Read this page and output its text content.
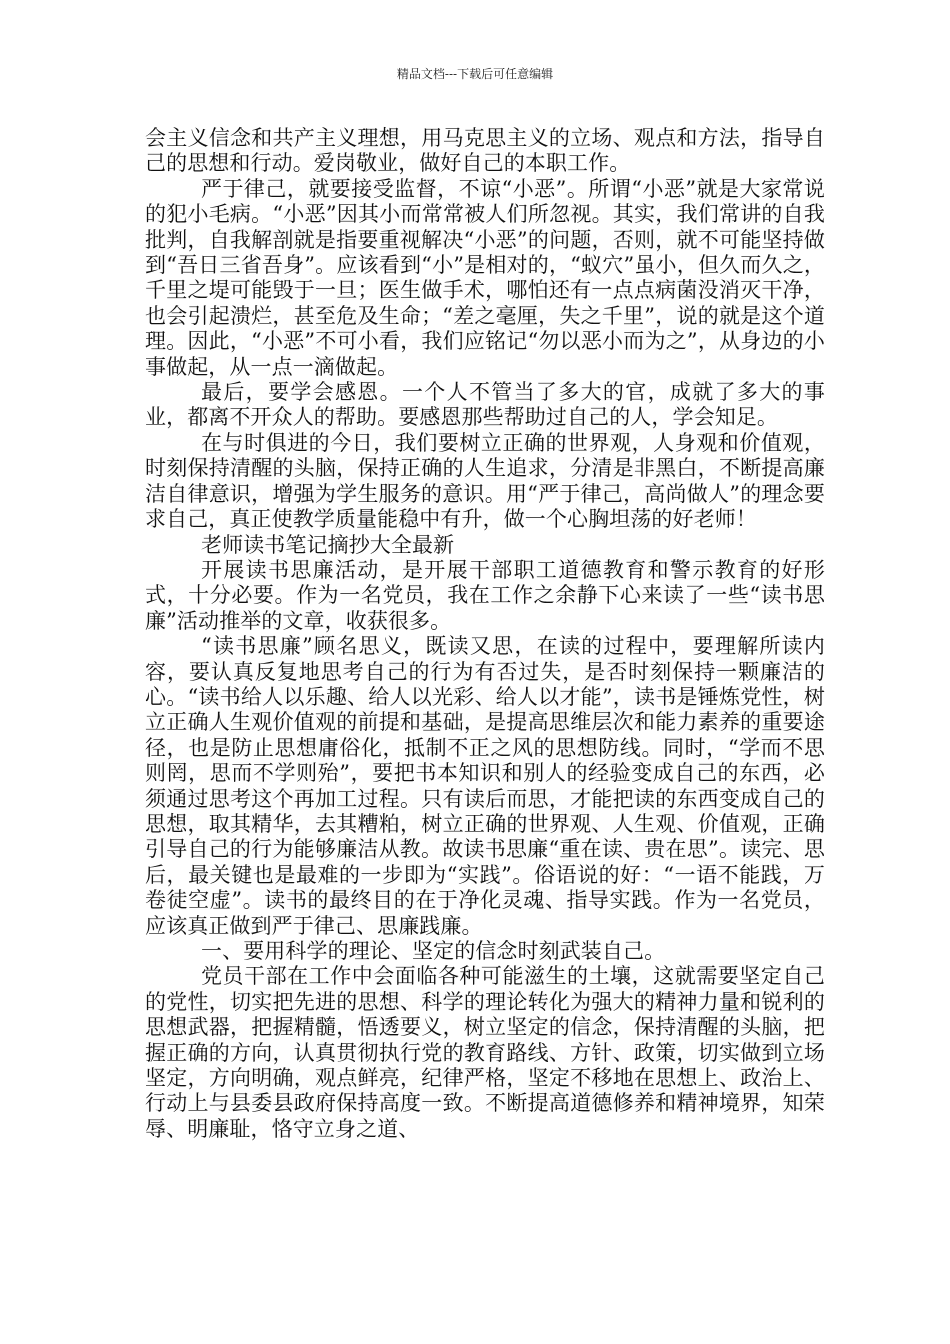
精品文档---下载后可任意编辑

会主义信念和共产主义理想，用马克思主义的立场、观点和方法，指导自己的思想和行动。爱岗敬业，做好自己的本职工作。

严于律己，就要接受监督，不谅“小恶”。所谓“小恶”就是大家常说的犯小毛病。“小恶”因其小而常常被人们所忽视。其实，我们常讲的自我批判，自我解剖就是指要重视解决“小恶”的问题，否则，就不可能坚持做到“吾日三省吾身”。应该看到“小”是相对的，“蚁穴”虽小，但久而久之，千里之堤可能毁于一旦；医生做手术，哪怕还有一点点病菌没消灭干净，也会引起溃烂，甚至危及生命；“差之毫厘，失之千里”，说的就是这个道理。因此，“小恶”不可小看，我们应铭记“勿以恶小而为之”，从身边的小事做起，从一点一滴做起。

最后，要学会感恩。一个人不管当了多大的官，成就了多大的事业，都离不开众人的帮助。要感恩那些帮助过自己的人，学会知足。

在与时俱进的今日，我们要树立正确的世界观，人身观和价值观，时刻保持清醒的头脑，保持正确的人生追求，分清是非黑白，不断提高廉洁自律意识，增强为学生服务的意识。用“严于律己，高尚做人”的理念要求自己，真正使教学质量能稳中有升，做一个心胸坦荡的好老师！

老师读书笔记摘抄大全最新

开展读书思廉活动，是开展干部职工道德教育和警示教育的好形式，十分必要。作为一名党员，我在工作之余静下心来读了一些“读书思廉”活动推举的文章，收获很多。

“读书思廉”顾名思义，既读又思，在读的过程中，要理解所读内容，要认真反复地思考自己的行为有否过失，是否时刻保持一颗廉洁的心。“读书给人以乐趣、给人以光彩、给人以才能”，读书是锤炼党性，树立正确人生观价值观的前提和基础，是提高思维层次和能力素养的重要途径，也是防止思想庸俗化，抵制不正之风的思想防线。同时，“学而不思则罔，思而不学则殆”，要把书本知识和别人的经验变成自己的东西，必须通过思考这个再加工过程。只有读后而思，才能把读的东西变成自己的思想，取其精华，去其糟粕，树立正确的世界观、人生观、价值观，正确引导自己的行为能够廉洁从教。故读书思廉“重在读、贵在思”。读完、思后，最关键也是最难的一步即为“实践”。俗语说的好：“一语不能践，万卷徒空虚”。读书的最终目的在于净化灵魂、指导实践。作为一名党员，应该真正做到严于律己、思廉践廉。

一、要用科学的理论、坚定的信念时刻武装自己。

党员干部在工作中会面临各种可能滋生的土壤，这就需要坚定自己的党性，切实把先进的思想、科学的理论转化为强大的精神力量和锐利的思想武器，把握精髓，悟透要义，树立坚定的信念，保持清醒的头脑，把握正确的方向，认真贯彻执行党的教育路线、方针、政策，切实做到立场坚定，方向明确，观点鲜亮，纪律严格，坚定不移地在思想上、政治上、行动上与县委县政府保持高度一致。不断提高道德修养和精神境界，知荣辱、明廉耻，恪守立身之道、
